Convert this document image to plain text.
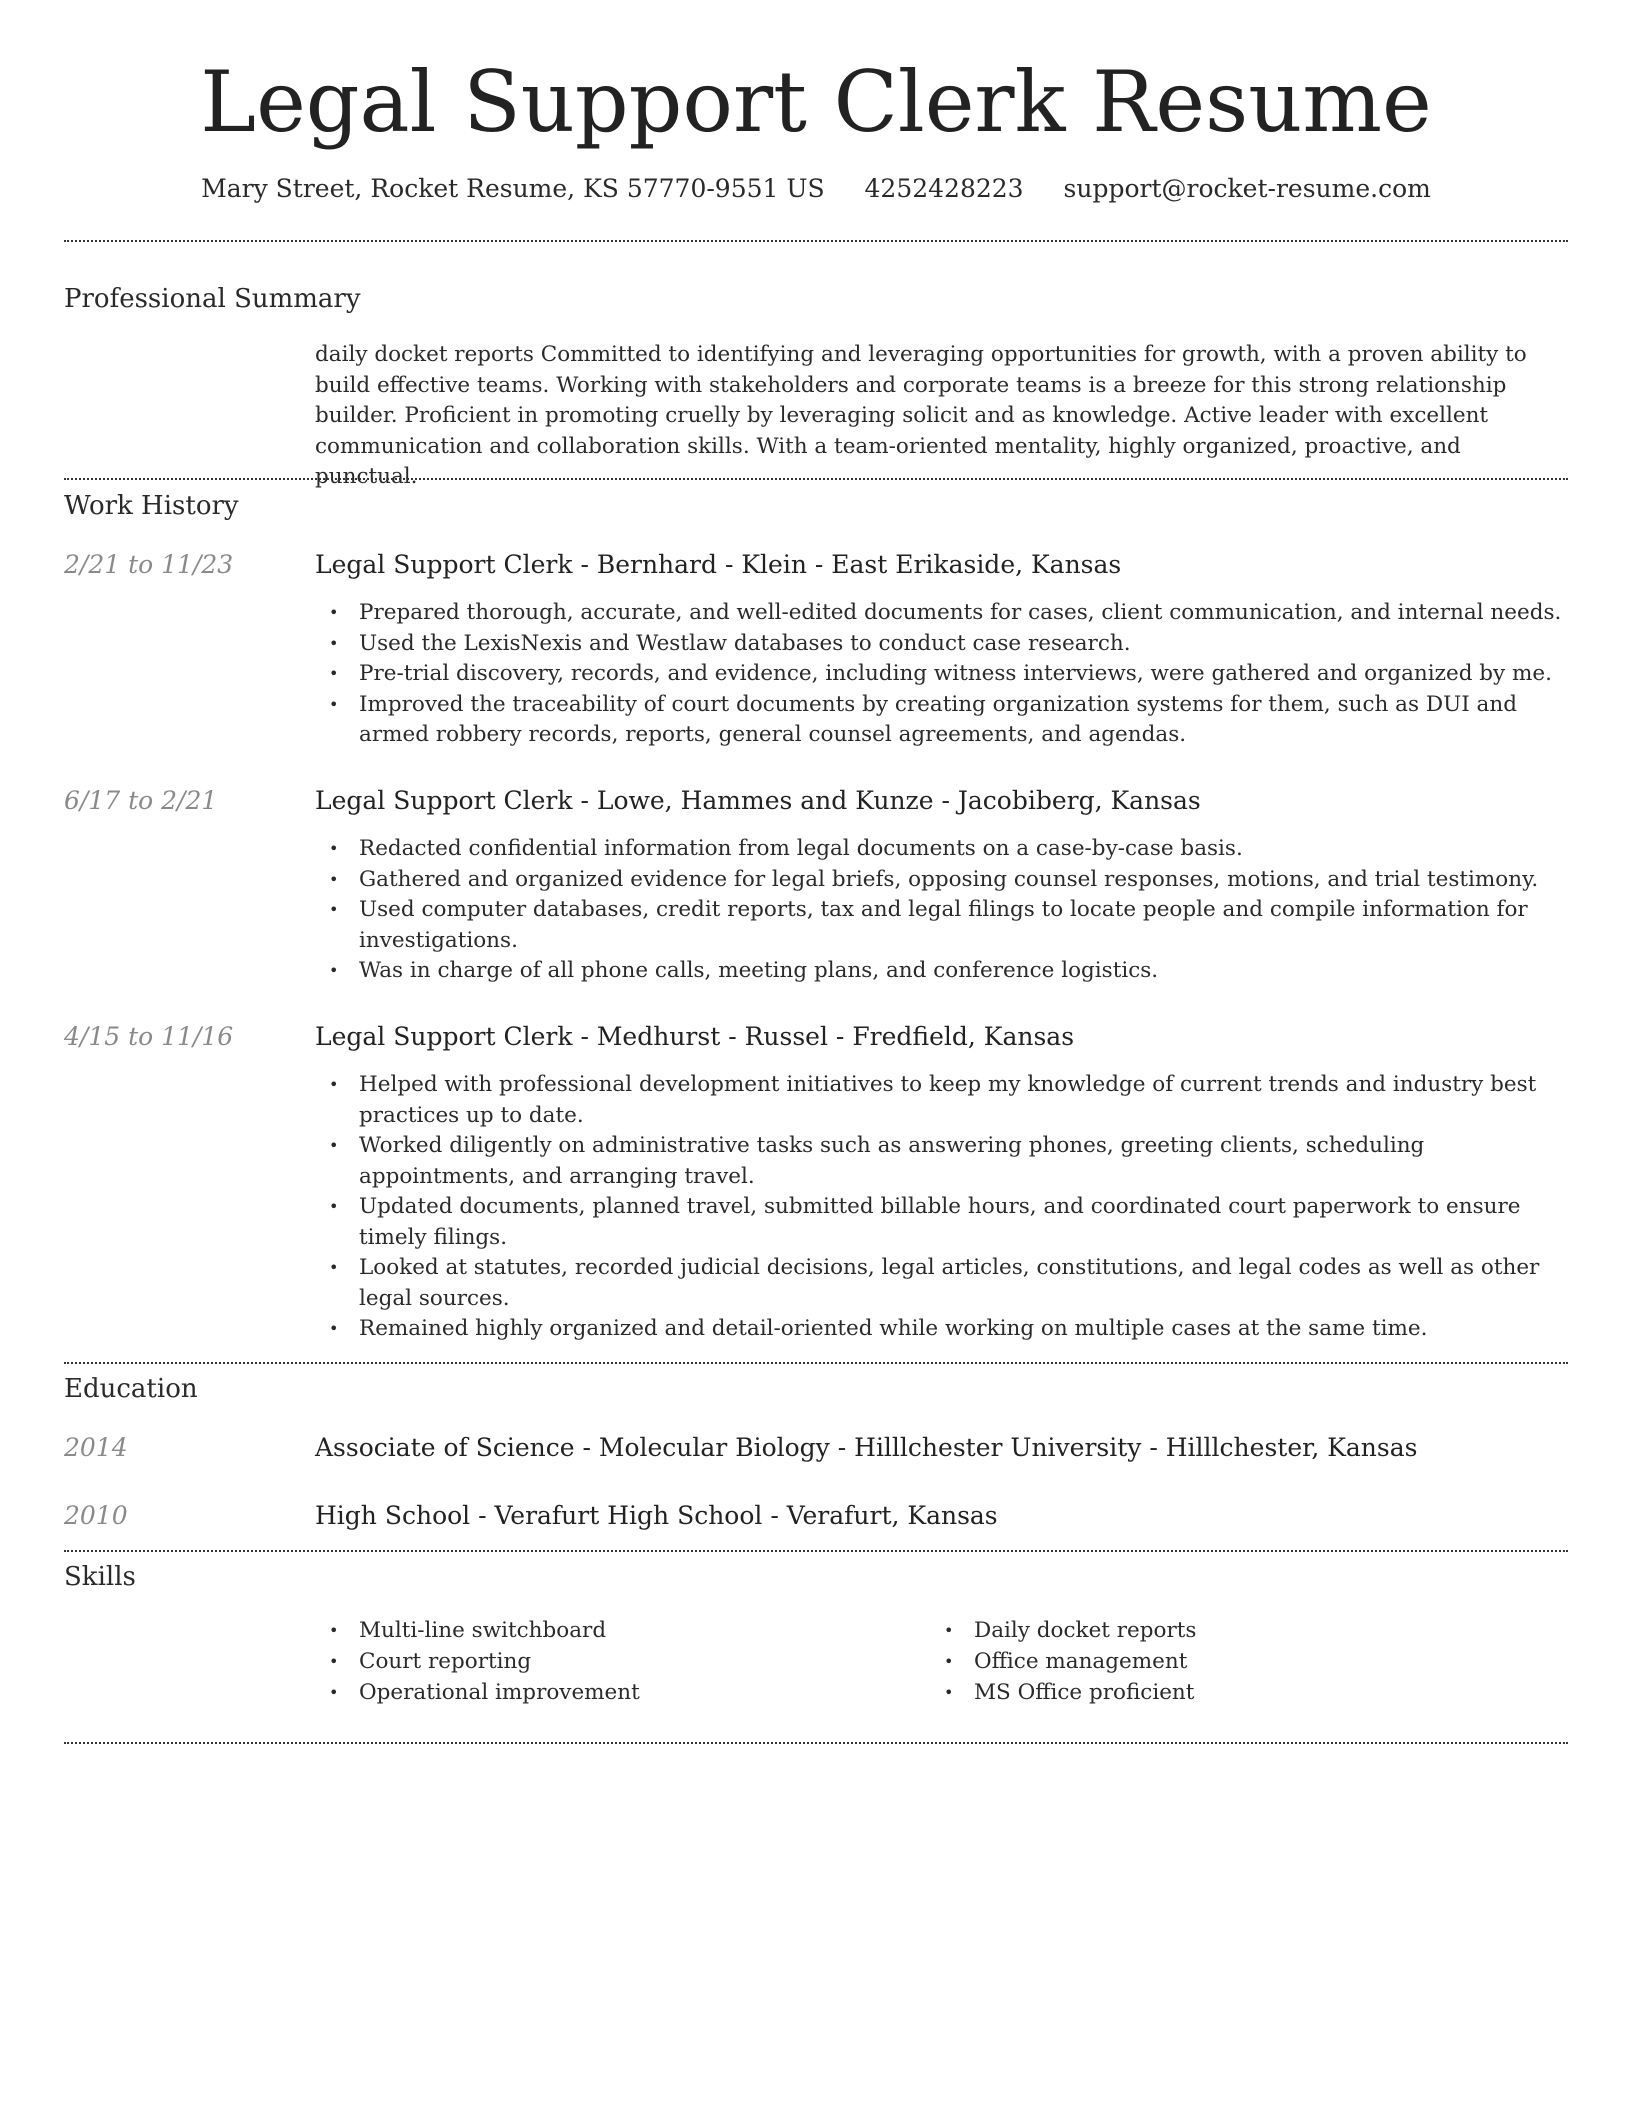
Legal Support Clerk Resume
Mary Street, Rocket Resume, KS 57770-9551 US 4252428223 support@rocket-resume.com
Professional Summary

daily docket reports Committed to identifying and leveraging opportunities for growth, with a proven ability to build effective teams. Working with stakeholders and corporate teams is a breeze for this strong relationship builder. Proficient in promoting cruelly by leveraging solicit and as knowledge. Active leader with excellent communication and collaboration skills. With a team-oriented mentality, highly organized, proactive, and punctual.

Work History
2/21 to 11/23	Legal Support Clerk - Bernhard - Klein - East Erikaside, Kansas
• Prepared thorough, accurate, and well-edited documents for cases, client communication, and internal needs.
• Used the LexisNexis and Westlaw databases to conduct case research.
• Pre-trial discovery, records, and evidence, including witness interviews, were gathered and organized by me.
• Improved the traceability of court documents by creating organization systems for them, such as DUI and armed robbery records, reports, general counsel agreements, and agendas.
6/17 to 2/21	Legal Support Clerk - Lowe, Hammes and Kunze - Jacobiberg, Kansas
• Redacted confidential information from legal documents on a case-by-case basis.
• Gathered and organized evidence for legal briefs, opposing counsel responses, motions, and trial testimony.
• Used computer databases, credit reports, tax and legal filings to locate people and compile information for investigations.
• Was in charge of all phone calls, meeting plans, and conference logistics.
4/15 to 11/16	Legal Support Clerk - Medhurst - Russel - Fredfield, Kansas
• Helped with professional development initiatives to keep my knowledge of current trends and industry best practices up to date.
• Worked diligently on administrative tasks such as answering phones, greeting clients, scheduling appointments, and arranging travel.
• Updated documents, planned travel, submitted billable hours, and coordinated court paperwork to ensure timely filings.
• Looked at statutes, recorded judicial decisions, legal articles, constitutions, and legal codes as well as other legal sources.
• Remained highly organized and detail-oriented while working on multiple cases at the same time.
Education
2014	Associate of Science - Molecular Biology - Hilllchester University - Hilllchester, Kansas
2010	High School - Verafurt High School - Verafurt, Kansas
Skills
• Multi-line switchboard
• Court reporting
• Operational improvement
• Daily docket reports
• Office management
• MS Office proficient
